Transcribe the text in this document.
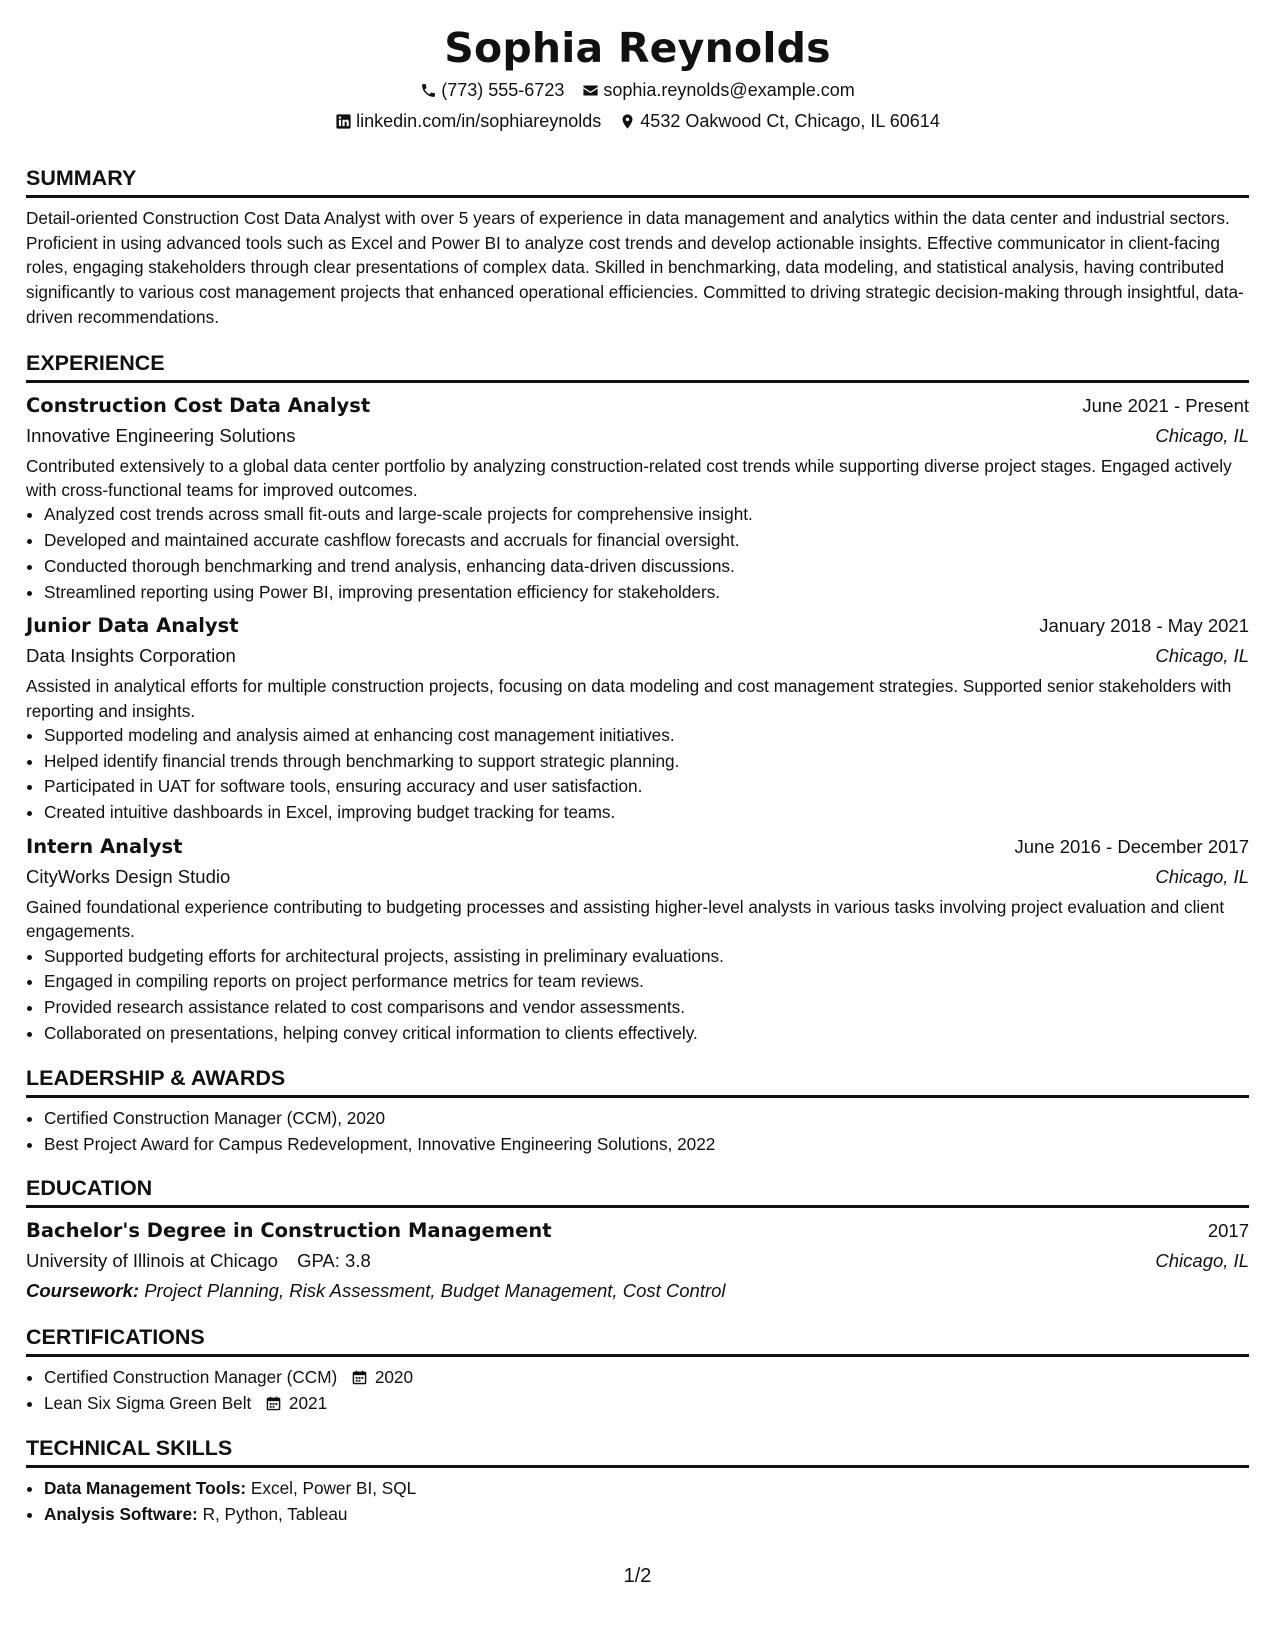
Sophia Reynolds
(773) 555-6723 sophia.reynolds@example.com
linkedin.com/in/sophiareynolds 4532 Oakwood Ct, Chicago, IL 60614
SUMMARY
Detail-oriented Construction Cost Data Analyst with over 5 years of experience in data management and analytics within the data center and industrial sectors. Proficient in using advanced tools such as Excel and Power BI to analyze cost trends and develop actionable insights. Effective communicator in client-facing roles, engaging stakeholders through clear presentations of complex data. Skilled in benchmarking, data modeling, and statistical analysis, having contributed significantly to various cost management projects that enhanced operational efficiencies. Committed to driving strategic decision-making through insightful, data-driven recommendations.
EXPERIENCE
Construction Cost Data Analyst	June 2021 - Present
Innovative Engineering Solutions	Chicago, IL
Contributed extensively to a global data center portfolio by analyzing construction-related cost trends while supporting diverse project stages. Engaged actively with cross-functional teams for improved outcomes.
• Analyzed cost trends across small fit-outs and large-scale projects for comprehensive insight.
• Developed and maintained accurate cashflow forecasts and accruals for financial oversight.
• Conducted thorough benchmarking and trend analysis, enhancing data-driven discussions.
• Streamlined reporting using Power BI, improving presentation efficiency for stakeholders.
Junior Data Analyst	January 2018 - May 2021
Data Insights Corporation	Chicago, IL
Assisted in analytical efforts for multiple construction projects, focusing on data modeling and cost management strategies. Supported senior stakeholders with reporting and insights.
• Supported modeling and analysis aimed at enhancing cost management initiatives.
• Helped identify financial trends through benchmarking to support strategic planning.
• Participated in UAT for software tools, ensuring accuracy and user satisfaction.
• Created intuitive dashboards in Excel, improving budget tracking for teams.
Intern Analyst	June 2016 - December 2017
CityWorks Design Studio	Chicago, IL
Gained foundational experience contributing to budgeting processes and assisting higher-level analysts in various tasks involving project evaluation and client engagements.
• Supported budgeting efforts for architectural projects, assisting in preliminary evaluations.
• Engaged in compiling reports on project performance metrics for team reviews.
• Provided research assistance related to cost comparisons and vendor assessments.
• Collaborated on presentations, helping convey critical information to clients effectively.
LEADERSHIP & AWARDS
• Certified Construction Manager (CCM), 2020
• Best Project Award for Campus Redevelopment, Innovative Engineering Solutions, 2022
EDUCATION
Bachelor's Degree in Construction Management	2017
University of Illinois at Chicago GPA: 3.8	Chicago, IL
Coursework: Project Planning, Risk Assessment, Budget Management, Cost Control
CERTIFICATIONS
• Certified Construction Manager (CCM) 2020
• Lean Six Sigma Green Belt 2021
TECHNICAL SKILLS
• Data Management Tools: Excel, Power BI, SQL
• Analysis Software: R, Python, Tableau
1/2
